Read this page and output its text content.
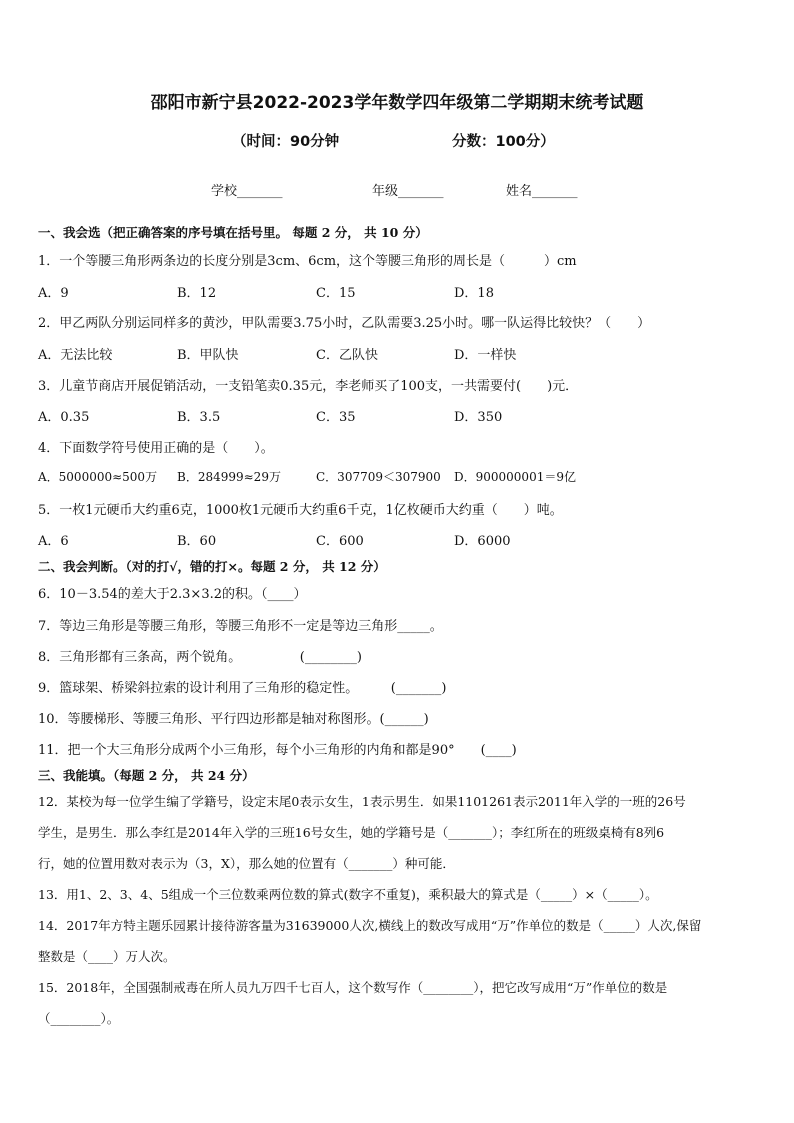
邵阳市新宁县2022-2023学年数学四年级第二学期期末统考试题
（时间：90分钟	分数：100分）
学校_______	年级_______	姓名_______
一、我会选（把正确答案的序号填在括号里。 每题 2 分， 共 10 分）
1．一个等腰三角形两条边的长度分别是3cm、6cm，这个等腰三角形的周长是（　　　）cm
A．9	B．12	C．15	D．18
2．甲乙两队分别运同样多的黄沙，甲队需要3.75小时，乙队需要3.25小时。哪一队运得比较快？（　　）
A．无法比较	B．甲队快	C．乙队快	D．一样快
3．儿童节商店开展促销活动，一支铅笔卖0.35元，李老师买了100支，一共需要付(　　)元．
A．0.35	B．3.5	C．35	D．350
4．下面数学符号使用正确的是（　　）。
A．5000000≈500万 B．284999≈29万	C．307709＜307900 D．900000001＝9亿
5．一枚1元硬币大约重6克，1000枚1元硬币大约重6千克，1亿枚硬币大约重（　　）吨。
A．6	B．60	C．600	D．6000
二、我会判断。（对的打√，错的打×。每题 2 分， 共 12 分）
6．10－3.54的差大于2.3×3.2的积。（____）
7．等边三角形是等腰三角形，等腰三角形不一定是等边三角形_____。
8．三角形都有三条高，两个锐角。　　　　　(________)
9．篮球架、桥梁斜拉索的设计利用了三角形的稳定性。　　　(_______)
10．等腰梯形、等腰三角形、平行四边形都是轴对称图形。(______)
11．把一个大三角形分成两个小三角形，每个小三角形的内角和都是90°　　(____)
三、我能填。（每题 2 分， 共 24 分）
12．某校为每一位学生编了学籍号，设定末尾0表示女生，1表示男生．如果1101261表示2011年入学的一班的26号
学生，是男生．那么李红是2014年入学的三班16号女生，她的学籍号是（_______）；李红所在的班级桌椅有8列6
行，她的位置用数对表示为（3，X），那么她的位置有（_______）种可能．
13．用1、2、3、4、5组成一个三位数乘两位数的算式(数字不重复)，乘积最大的算式是（_____）×（_____）。
14．2017年方特主题乐园累计接待游客量为31639000人次,横线上的数改写成用“万”作单位的数是（_____）人次,保留
整数是（____）万人次。
15．2018年，全国强制戒毒在所人员九万四千七百人，这个数写作（________），把它改写成用“万”作单位的数是
（________）。
